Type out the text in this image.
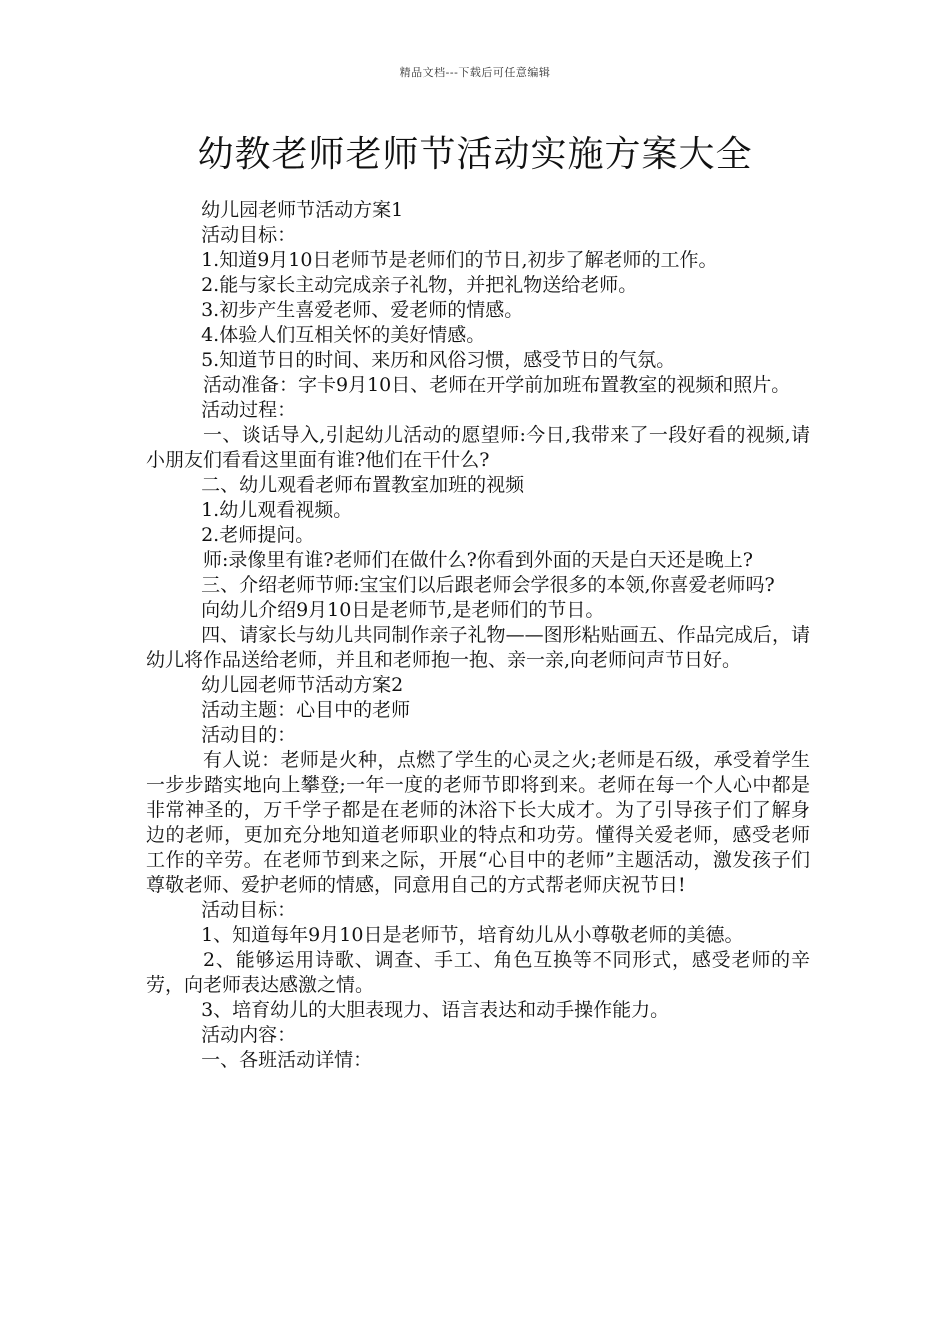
精品文档---下载后可任意编辑
幼教老师老师节活动实施方案大全

幼儿园老师节活动方案1

活动目标：

1.知道9月10日老师节是老师们的节日,初步了解老师的工作。

2.能与家长主动完成亲子礼物，并把礼物送给老师。

3.初步产生喜爱老师、爱老师的情感。

4.体验人们互相关怀的美好情感。

5.知道节日的时间、来历和风俗习惯，感受节日的气氛。

活动准备：字卡9月10日、老师在开学前加班布置教室的视频和照片。

活动过程：

一、谈话导入,引起幼儿活动的愿望师:今日,我带来了一段好看的视频,请小朋友们看看这里面有谁?他们在干什么?

二、幼儿观看老师布置教室加班的视频

1.幼儿观看视频。

2.老师提问。

师:录像里有谁?老师们在做什么?你看到外面的天是白天还是晚上?

三、介绍老师节师:宝宝们以后跟老师会学很多的本领,你喜爱老师吗?

向幼儿介绍9月10日是老师节,是老师们的节日。

四、请家长与幼儿共同制作亲子礼物——图形粘贴画五、作品完成后，请幼儿将作品送给老师，并且和老师抱一抱、亲一亲,向老师问声节日好。

幼儿园老师节活动方案2

活动主题：心目中的老师

活动目的：

有人说：老师是火种，点燃了学生的心灵之火;老师是石级，承受着学生一步步踏实地向上攀登;一年一度的老师节即将到来。老师在每一个人心中都是非常神圣的，万千学子都是在老师的沐浴下长大成才。为了引导孩子们了解身边的老师，更加充分地知道老师职业的特点和功劳。懂得关爱老师，感受老师工作的辛劳。在老师节到来之际，开展“心目中的老师”主题活动，激发孩子们尊敬老师、爱护老师的情感，同意用自己的方式帮老师庆祝节日!

活动目标：

1、知道每年9月10日是老师节，培育幼儿从小尊敬老师的美德。

2、能够运用诗歌、调查、手工、角色互换等不同形式，感受老师的辛劳，向老师表达感激之情。

3、培育幼儿的大胆表现力、语言表达和动手操作能力。

活动内容：

一、各班活动详情：
